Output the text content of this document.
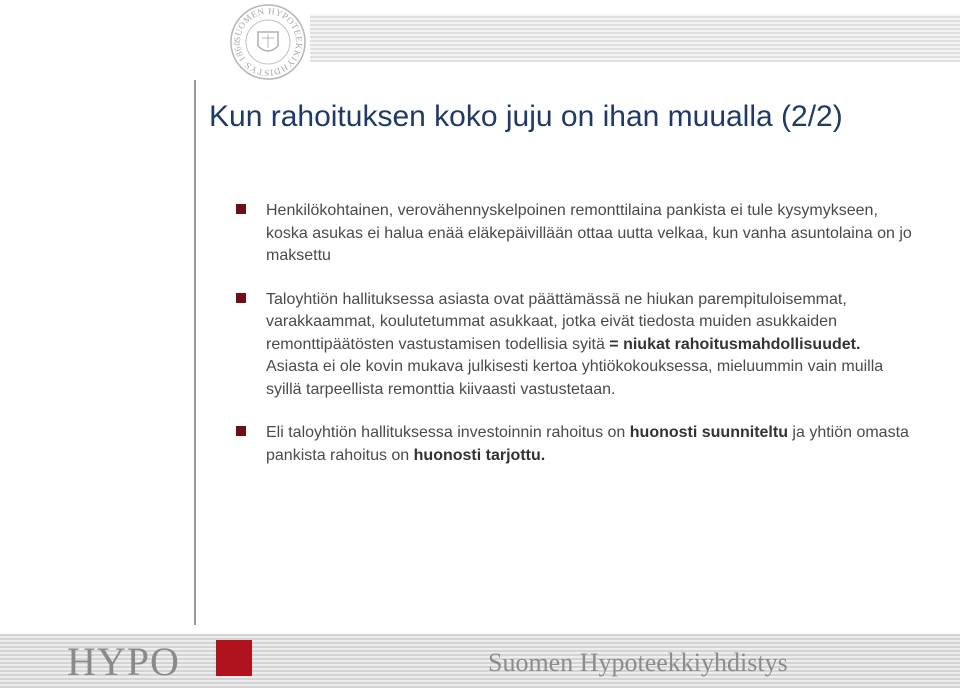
SUOMEN HYPOTEEKKIYHDISTYS 1860
Kun rahoituksen koko juju on ihan muualla (2/2)
Henkilökohtainen, verovähennyskelpoinen remonttilaina pankista ei tule kysymykseen, koska asukas ei halua enää eläkepäivillään ottaa uutta velkaa, kun vanha asuntolaina on jo maksettu
Taloyhtiön hallituksessa asiasta ovat päättämässä ne hiukan parempituloisemmat, varakkaammat, koulutetummat asukkaat, jotka eivät tiedosta muiden asukkaiden remonttipäätösten vastustamisen todellisia syitä = niukat rahoitusmahdollisuudet. Asiasta ei ole kovin mukava julkisesti kertoa yhtiökokouksessa, mieluummin vain muilla syillä tarpeellista remonttia kiivaasti vastustetaan.
Eli taloyhtiön hallituksessa investoinnin rahoitus on huonosti suunniteltu ja yhtiön omasta pankista rahoitus on huonosti tarjottu.
HYPO	Suomen Hypoteekkiyhdistys
